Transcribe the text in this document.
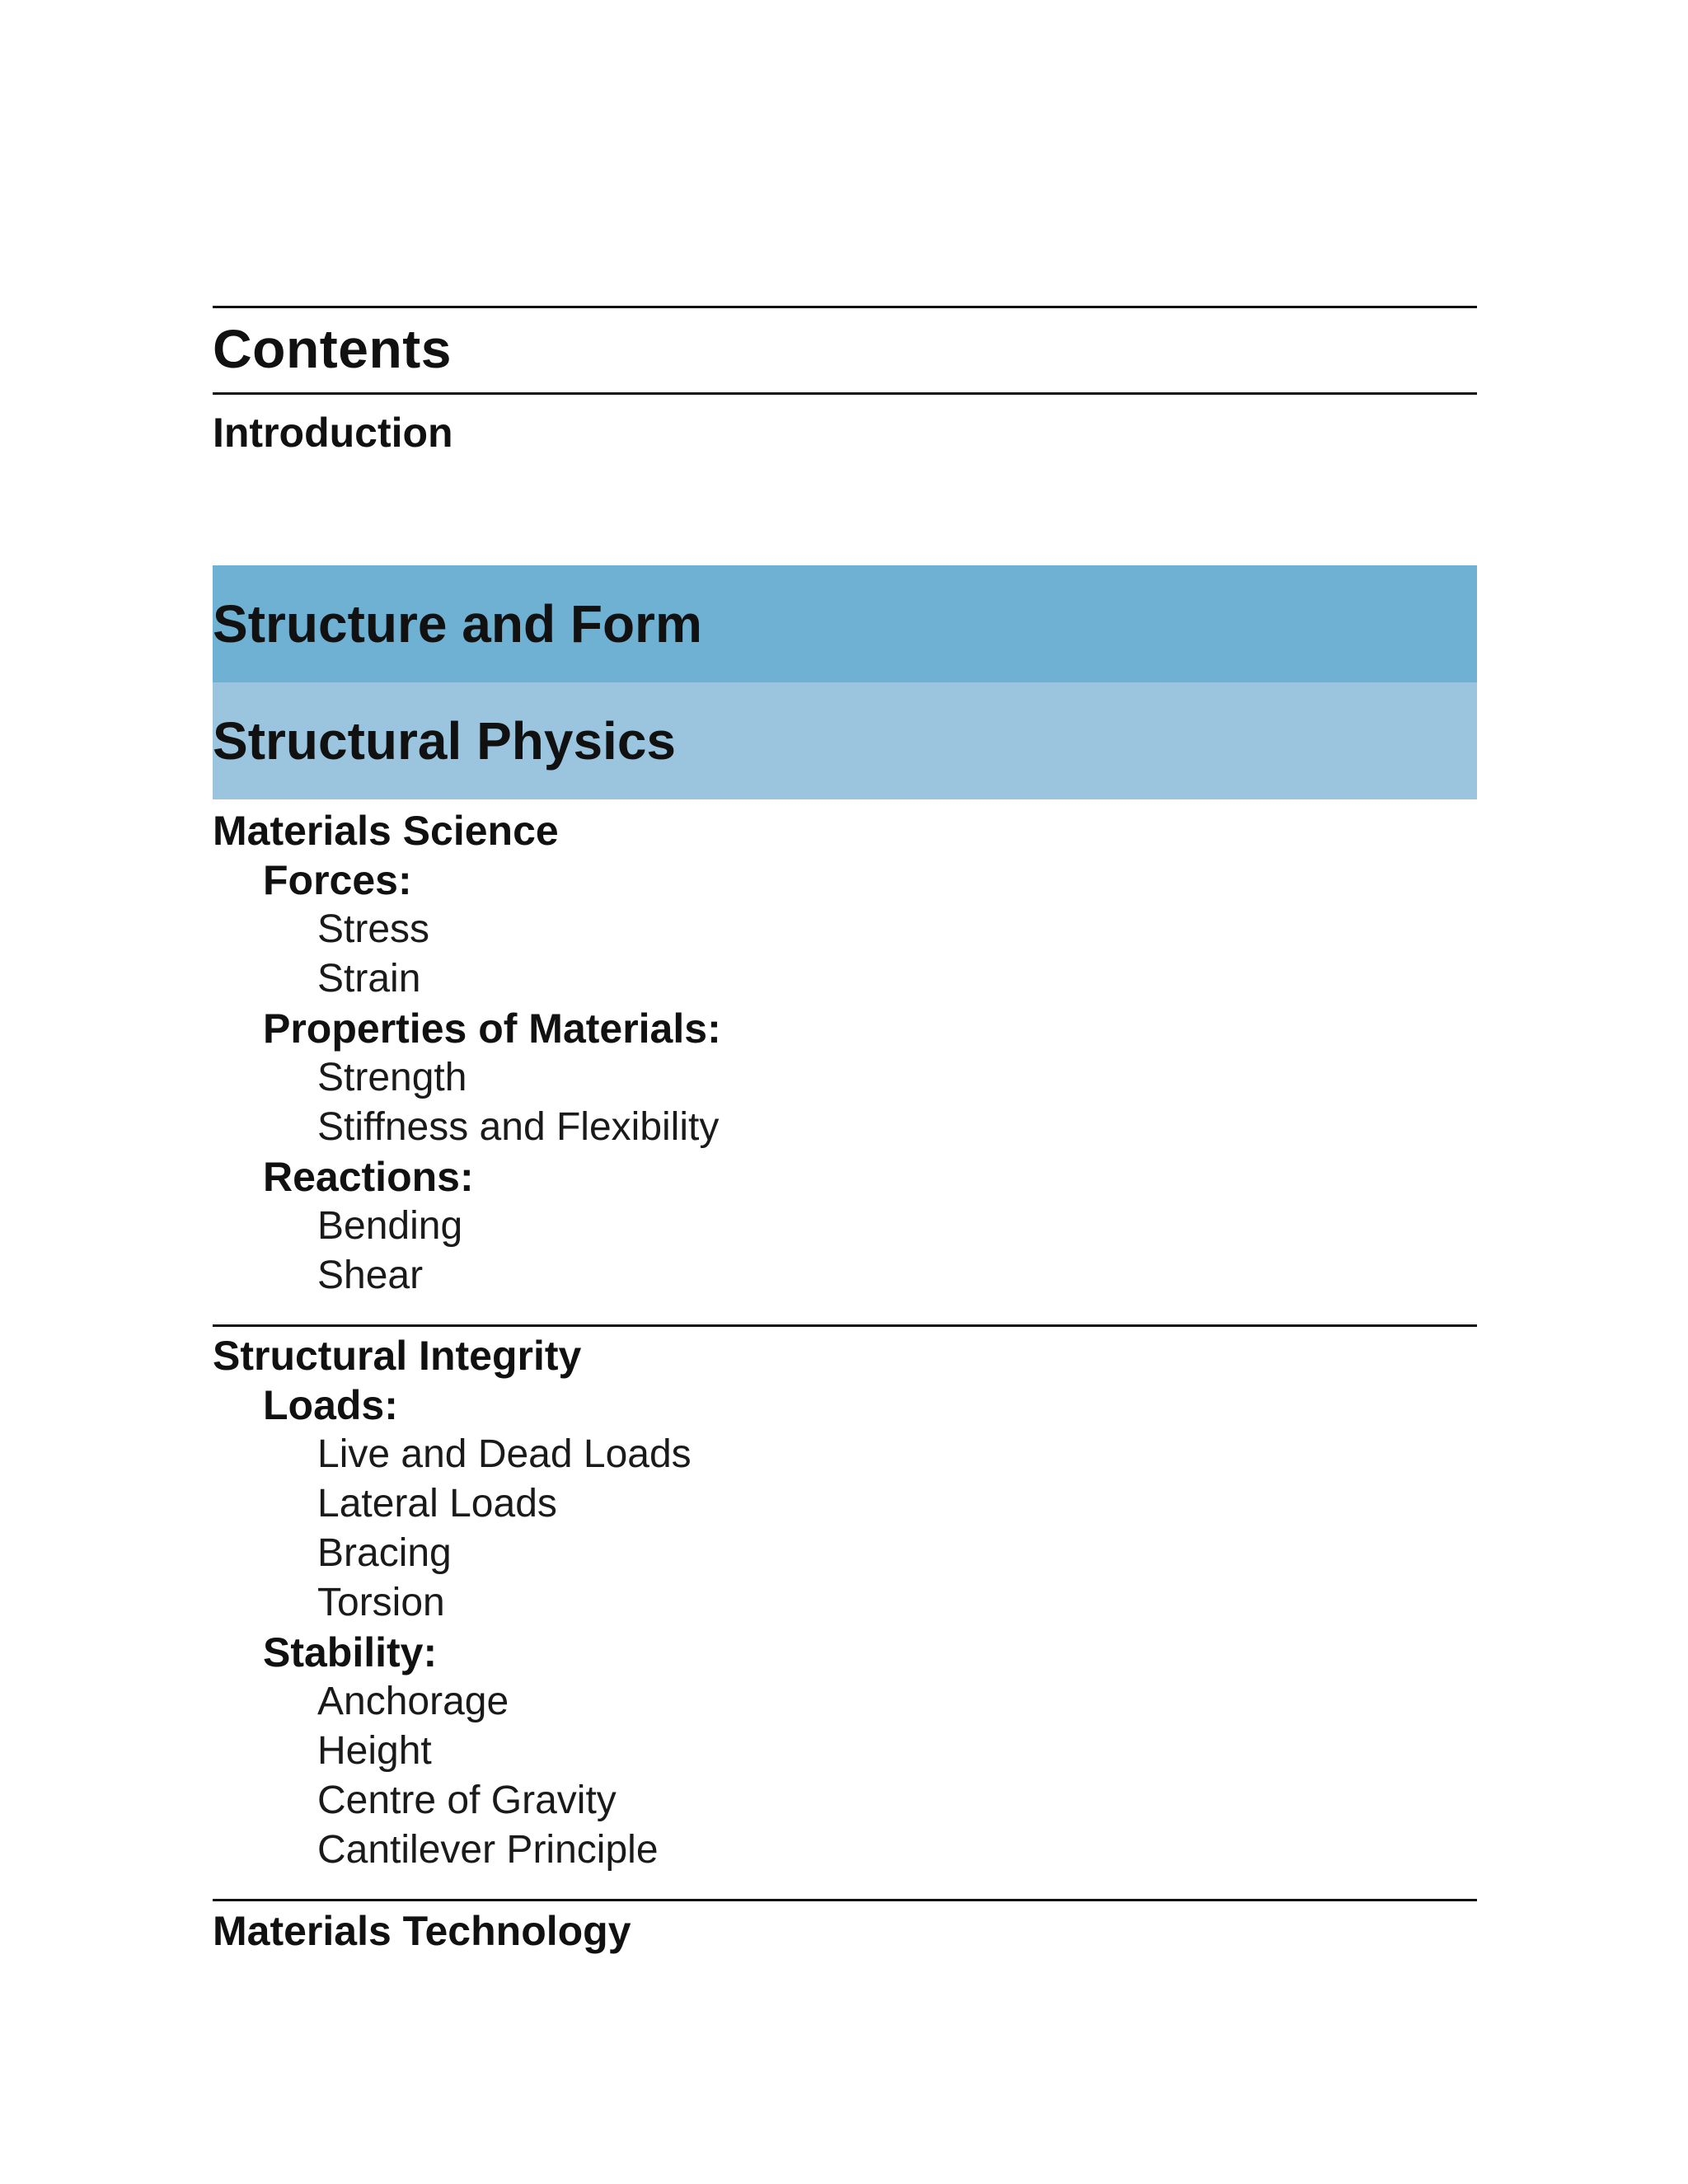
Contents
Introduction
Structure and Form
Structural Physics
Materials Science
Forces:
Stress
Strain
Properties of Materials:
Strength
Stiffness and Flexibility
Reactions:
Bending
Shear
Structural Integrity
Loads:
Live and Dead Loads
Lateral Loads
Bracing
Torsion
Stability:
Anchorage
Height
Centre of Gravity
Cantilever Principle
Materials Technology
